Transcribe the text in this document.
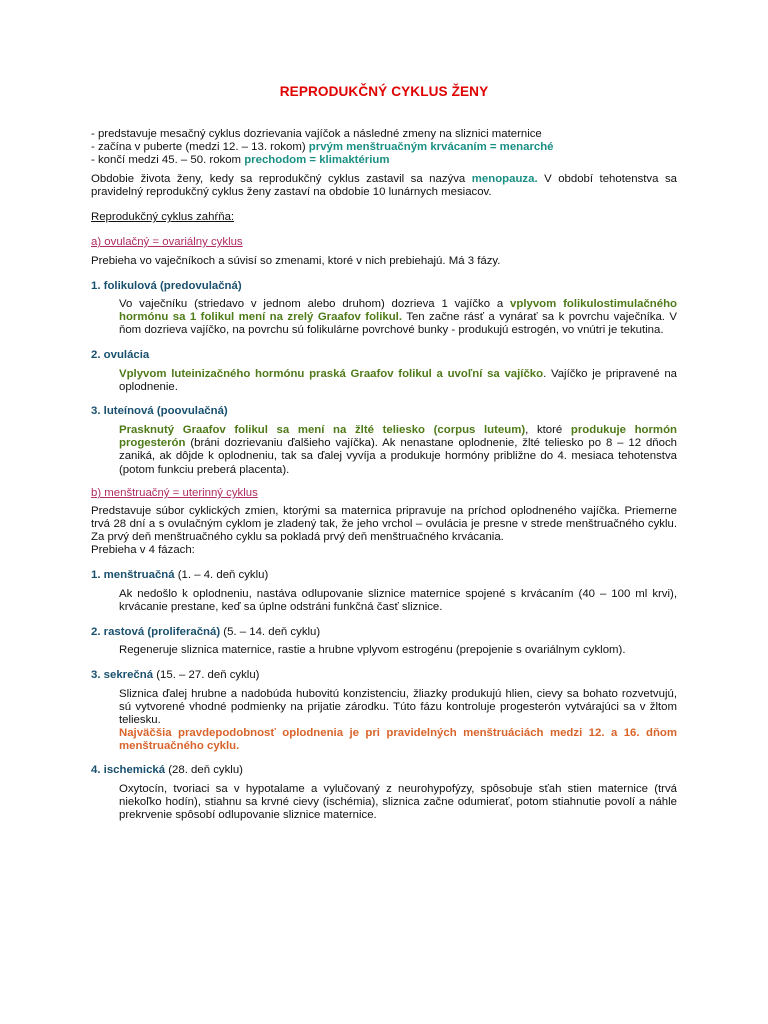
REPRODUKČNÝ CYKLUS ŽENY
- predstavuje mesačný cyklus dozrievania vajíčok a následné zmeny na sliznici maternice
- začína v puberte (medzi 12. – 13. rokom) prvým menštruačným krvácaním = menarché
- končí medzi 45. – 50. rokom prechodom = klimaktérium
Obdobie života ženy, kedy sa reprodukčný cyklus zastavil sa nazýva menopauza. V období tehotenstva sa pravidelný reprodukčný cyklus ženy zastaví na obdobie 10 lunárnych mesiacov.
Reprodukčný cyklus zahŕňa:
a) ovulačný = ovariálny cyklus
Prebieha vo vaječníkoch a súvisí so zmenami, ktoré v nich prebiehajú. Má 3 fázy.
1. folikulová (predovulačná)
Vo vaječníku (striedavo v jednom alebo druhom) dozrieva 1 vajíčko a vplyvom folikulostimulačného hormónu sa 1 folikul mení na zrelý Graafov folikul. Ten začne rásť a vynárať sa k povrchu vaječníka. V ňom dozrieva vajíčko, na povrchu sú folikulárne povrchové bunky - produkujú estrogén, vo vnútri je tekutina.
2. ovulácia
Vplyvom luteinizačného hormónu praská Graafov folikul a uvoľní sa vajíčko. Vajíčko je pripravené na oplodnenie.
3. luteínová (poovulačná)
Prasknutý Graafov folikul sa mení na žlté teliesko (corpus luteum), ktoré produkuje hormón progesterón (bráni dozrievaniu ďalšieho vajíčka). Ak nenastane oplodnenie, žlté teliesko po 8 – 12 dňoch zaniká, ak dôjde k oplodneniu, tak sa ďalej vyvíja a produkuje hormóny približne do 4. mesiaca tehotenstva (potom funkciu preberá placenta).
b) menštruačný = uterinný cyklus
Predstavuje súbor cyklických zmien, ktorými sa maternica pripravuje na príchod oplodneného vajíčka. Priemerne trvá 28 dní a s ovulačným cyklom je zladený tak, že jeho vrchol – ovulácia je presne v strede menštruačného cyklu. Za prvý deň menštruačného cyklu sa pokladá prvý deň menštruačného krvácania.
Prebieha v 4 fázach:
1. menštruačná (1. – 4. deň cyklu)
Ak nedošlo k oplodneniu, nastáva odlupovanie sliznice maternice spojené s krvácaním (40 – 100 ml krvi), krvácanie prestane, keď sa úplne odstráni funkčná časť sliznice.
2. rastová (proliferačná) (5. – 14. deň cyklu)
Regeneruje sliznica maternice, rastie a hrubne vplyvom estrogénu (prepojenie s ovariálnym cyklom).
3. sekrečná (15. – 27. deň cyklu)
Sliznica ďalej hrubne a nadobúda hubovitú konzistenciu, žliazky produkujú hlien, cievy sa bohato rozvetvujú, sú vytvorené vhodné podmienky na prijatie zárodku. Túto fázu kontroluje progesterón vytvárajúci sa v žltom teliesku.
Najväčšia pravdepodobnosť oplodnenia je pri pravidelných menštruáciách medzi 12. a 16. dňom menštruačného cyklu.
4. ischemická (28. deň cyklu)
Oxytocín, tvoriaci sa v hypotalame a vylučovaný z neurohypofýzy, spôsobuje sťah stien maternice (trvá niekoľko hodín), stiahnu sa krvné cievy (ischémia), sliznica začne odumierať, potom stiahnutie povolí a náhle prekrvenie spôsobí odlupovanie sliznice maternice.
